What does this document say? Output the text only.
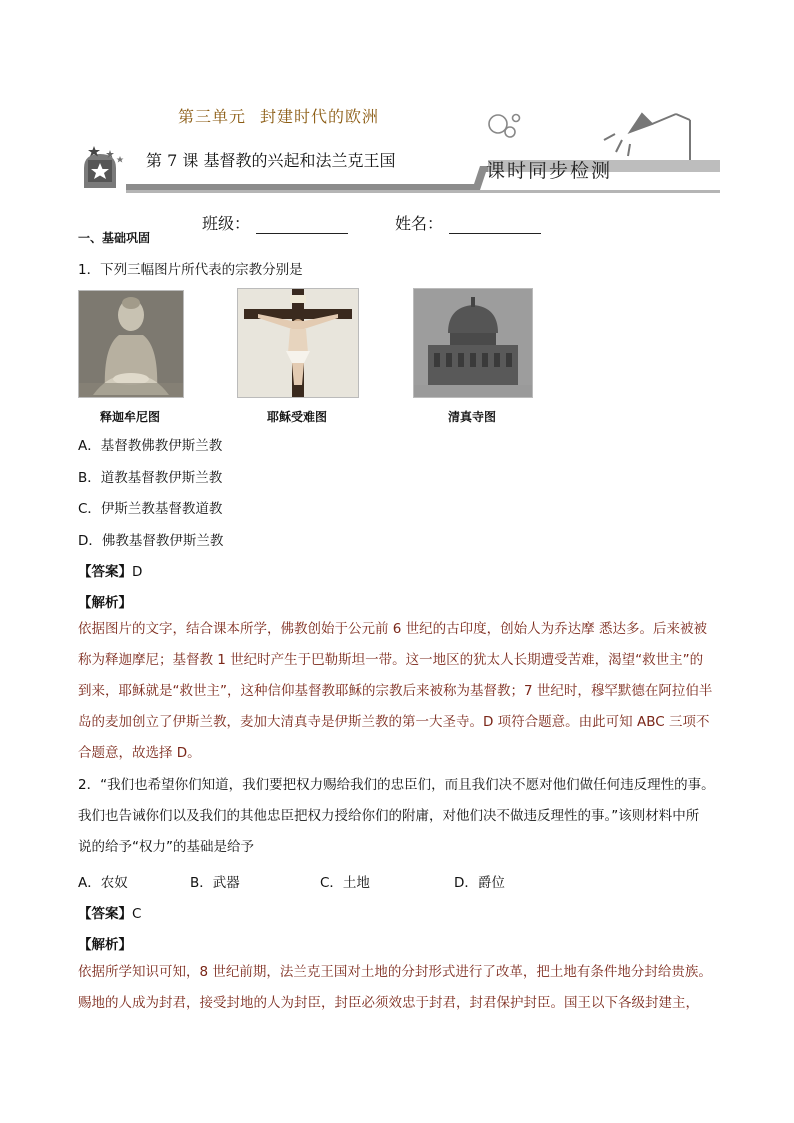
第三单元 封建时代的欧洲
第 7 课 基督教的兴起和法兰克王国	课时同步检测
班级：	姓名：
一、基础巩固
1．下列三幅图片所代表的宗教分别是
释迦牟尼图	耶稣受难图	清真寺图
A．基督教佛教伊斯兰教
B．道教基督教伊斯兰教
C．伊斯兰教基督教道教
D．佛教基督教伊斯兰教
【答案】D
【解析】

依据图片的文字，结合课本所学，佛教创始于公元前 6 世纪的古印度，创始人为乔达摩 悉达多。后来被被

称为释迦摩尼；基督教 1 世纪时产生于巴勒斯坦一带。这一地区的犹太人长期遭受苦难，渴望“救世主”的

到来，耶稣就是“救世主”，这种信仰基督教耶稣的宗教后来被称为基督教；7 世纪时，穆罕默德在阿拉伯半

岛的麦加创立了伊斯兰教，麦加大清真寺是伊斯兰教的第一大圣寺。D 项符合题意。由此可知 ABC 三项不

合题意，故选择 D。

2．“我们也希望你们知道，我们要把权力赐给我们的忠臣们，而且我们决不愿对他们做任何违反理性的事。

我们也告诫你们以及我们的其他忠臣把权力授给你们的附庸，对他们决不做违反理性的事。”该则材料中所

说的给予“权力”的基础是给予

A．农奴	B．武器	C．土地	D．爵位
【答案】C
【解析】

依据所学知识可知，8 世纪前期，法兰克王国对土地的分封形式进行了改革，把土地有条件地分封给贵族。

赐地的人成为封君，接受封地的人为封臣，封臣必须效忠于封君，封君保护封臣。国王以下各级封建主，
